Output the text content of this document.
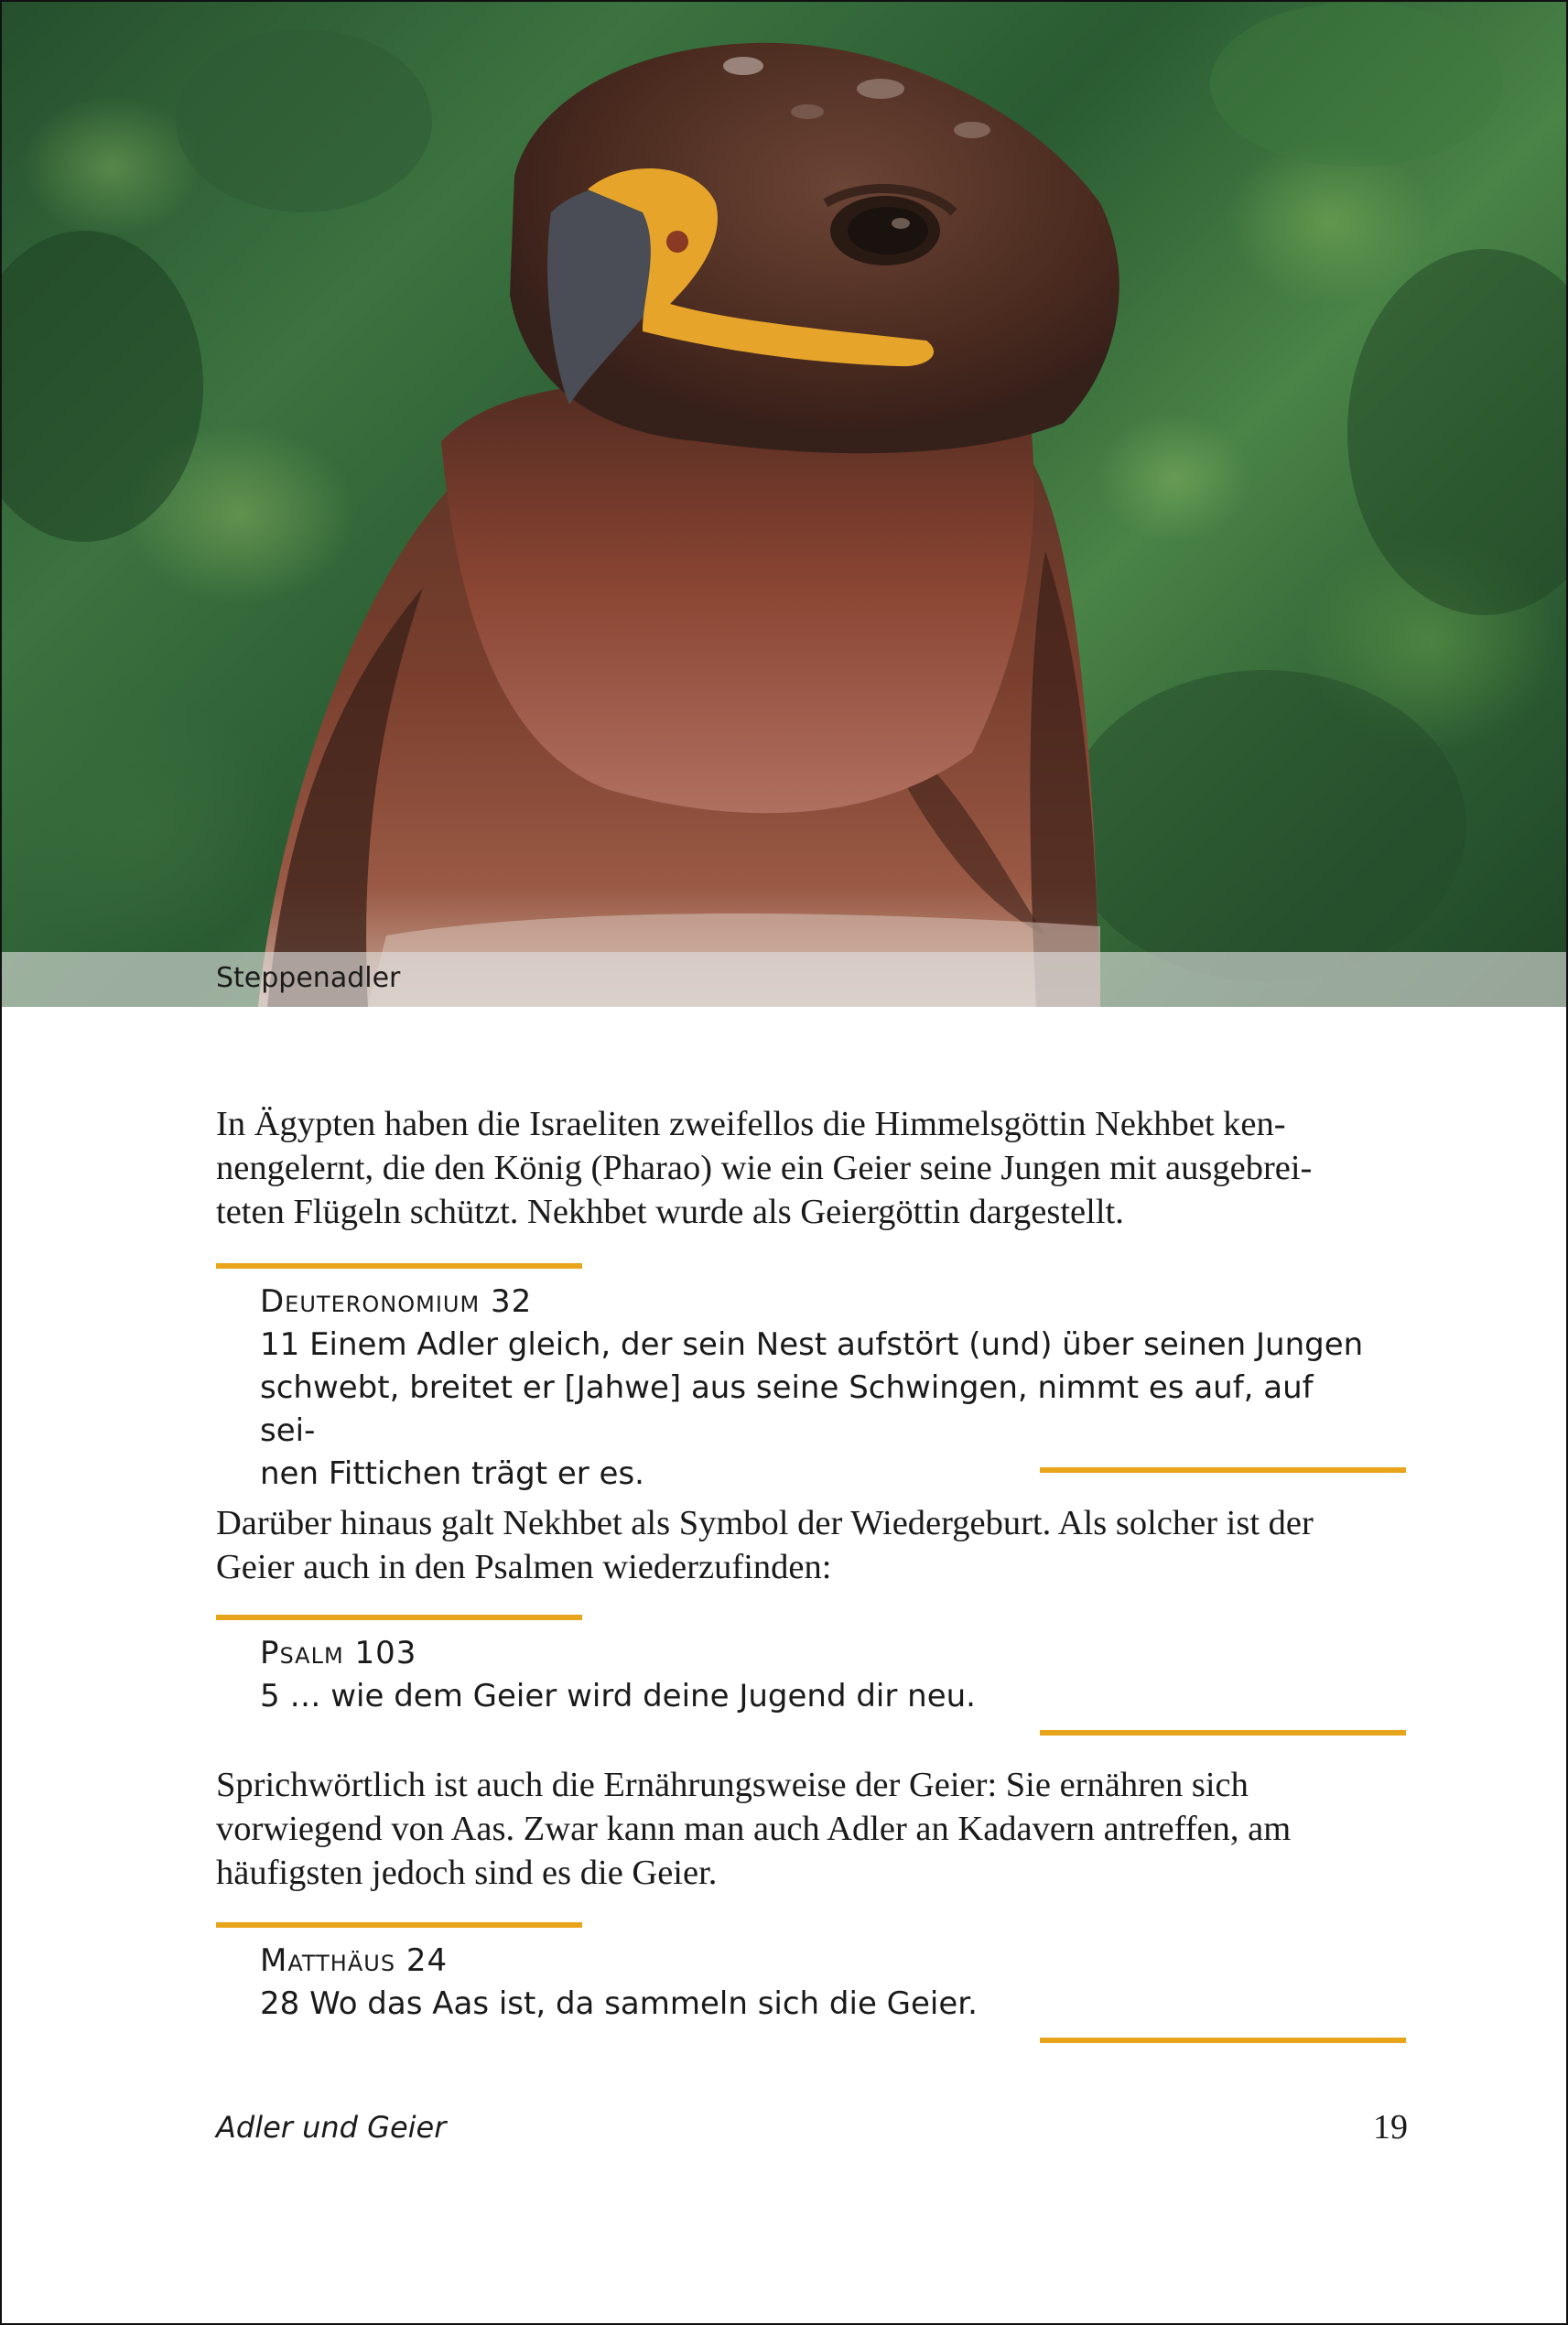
Steppenadler
In Ägypten haben die Israeliten zweifellos die Himmelsgöttin Nekhbet ken-
nengelernt, die den König (Pharao) wie ein Geier seine Jungen mit ausgebrei-
teten Flügeln schützt. Nekhbet wurde als Geiergöttin dargestellt.
Deuteronomium 32
11 Einem Adler gleich, der sein Nest aufstört (und) über seinen Jungen
schwebt, breitet er [Jahwe] aus seine Schwingen, nimmt es auf, auf sei-
nen Fittichen trägt er es.
Darüber hinaus galt Nekhbet als Symbol der Wiedergeburt. Als solcher ist der
Geier auch in den Psalmen wiederzufinden:
Psalm 103
5 … wie dem Geier wird deine Jugend dir neu.
Sprichwörtlich ist auch die Ernährungsweise der Geier: Sie ernähren sich
vorwiegend von Aas. Zwar kann man auch Adler an Kadavern antreffen, am
häufigsten jedoch sind es die Geier.
Matthäus 24
28 Wo das Aas ist, da sammeln sich die Geier.
Adler und Geier	19
